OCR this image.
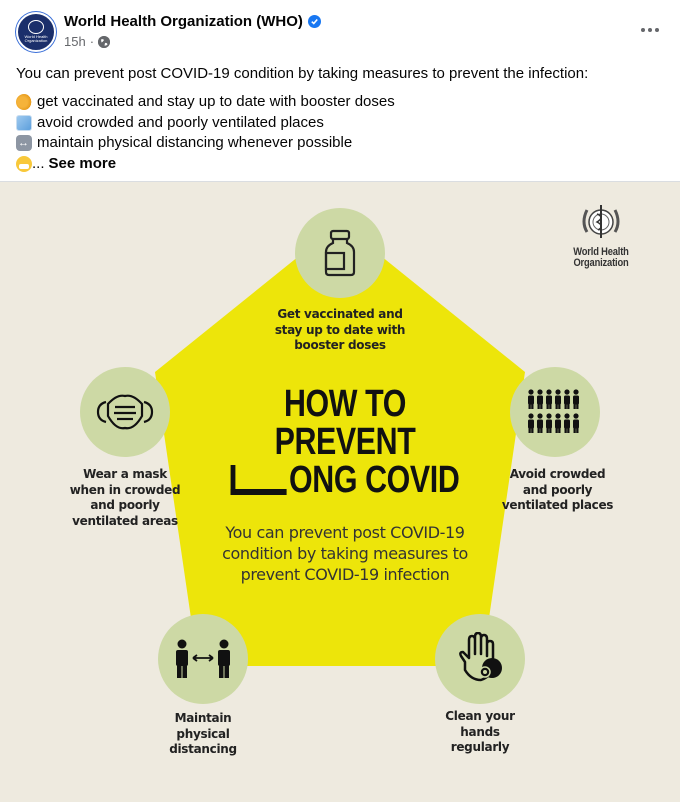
World Health Organization
World Health Organization (WHO)
15h ·
You can prevent post COVID-19 condition by taking measures to prevent the infection:
get vaccinated and stay up to date with booster doses
avoid crowded and poorly ventilated places
↔
maintain physical distancing whenever possible
... See more
World Health
Organization
Get vaccinated and
stay up to date with
booster doses
Avoid crowded
and poorly
ventilated places
Clean your
hands
regularly
Maintain
physical
distancing
Wear a mask
when in crowded
and poorly
ventilated areas
HOW TO
PREVENT
ONG COVID
You can prevent post COVID-19 condition by taking measures to prevent COVID-19 infection
